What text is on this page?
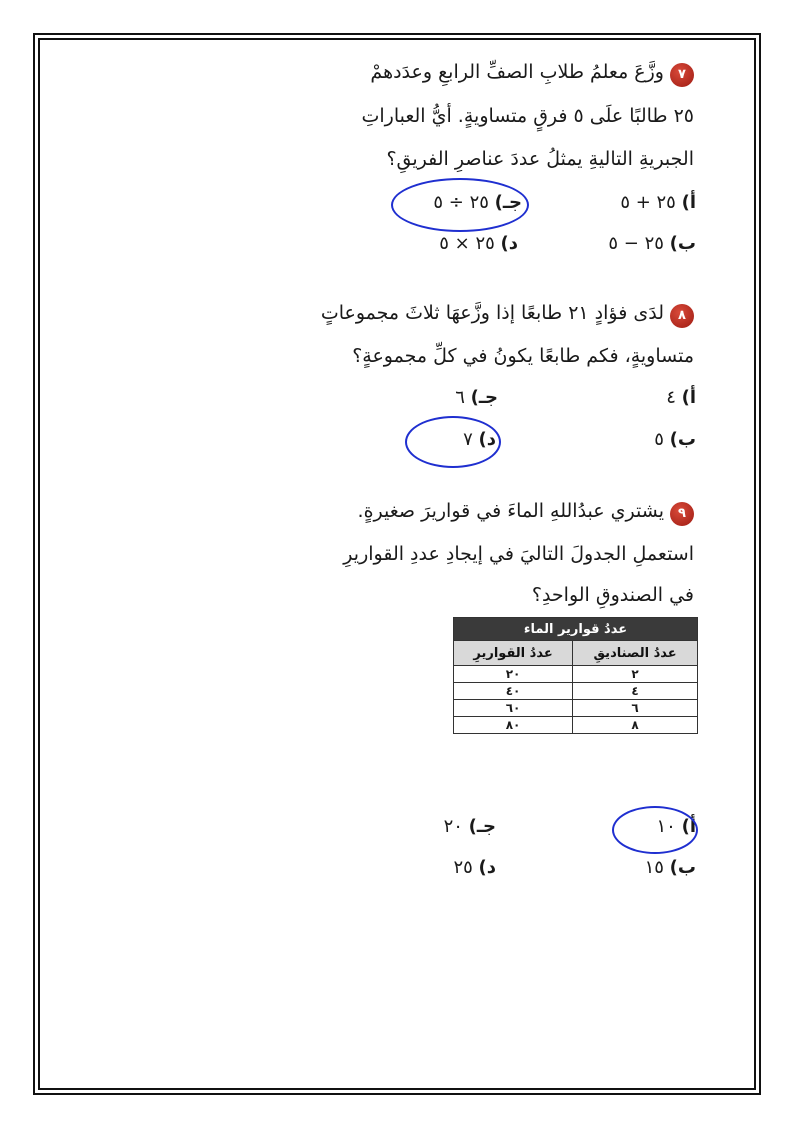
٧
وزَّعَ معلمُ طلابِ الصفِّ الرابعِ وعدَدهمْ
٢٥ طالبًا علَى ٥ فرقٍ متساويةٍ. أيُّ العباراتِ
الجبريةِ التاليةِ يمثلُ عددَ عناصرِ الفريقِ؟
أ) ٢٥ + ٥
جـ) ٢٥ ÷ ٥
ب) ٢٥ − ٥
د) ٢٥ × ٥
٨
لدَى فؤادٍ ٢١ طابعًا إذا وزَّعهَا ثلاثَ مجموعاتٍ
متساويةٍ، فكم طابعًا يكونُ في كلِّ مجموعةٍ؟
أ) ٤
جـ) ٦
ب) ٥
د) ٧
٩
يشتري عبدُاللهِ الماءَ في قواريرَ صغيرةٍ.
استعملِ الجدولَ التاليَ في إيجادِ عددِ القواريرِ
في الصندوقِ الواحدِ؟
عددُ قوارير الماء	
عددُ الصناديقِ	عددُ القواريرِ
٢	٢٠
٤	٤٠
٦	٦٠
٨	٨٠
أ) ١٠
جـ) ٢٠
ب) ١٥
د) ٢٥
